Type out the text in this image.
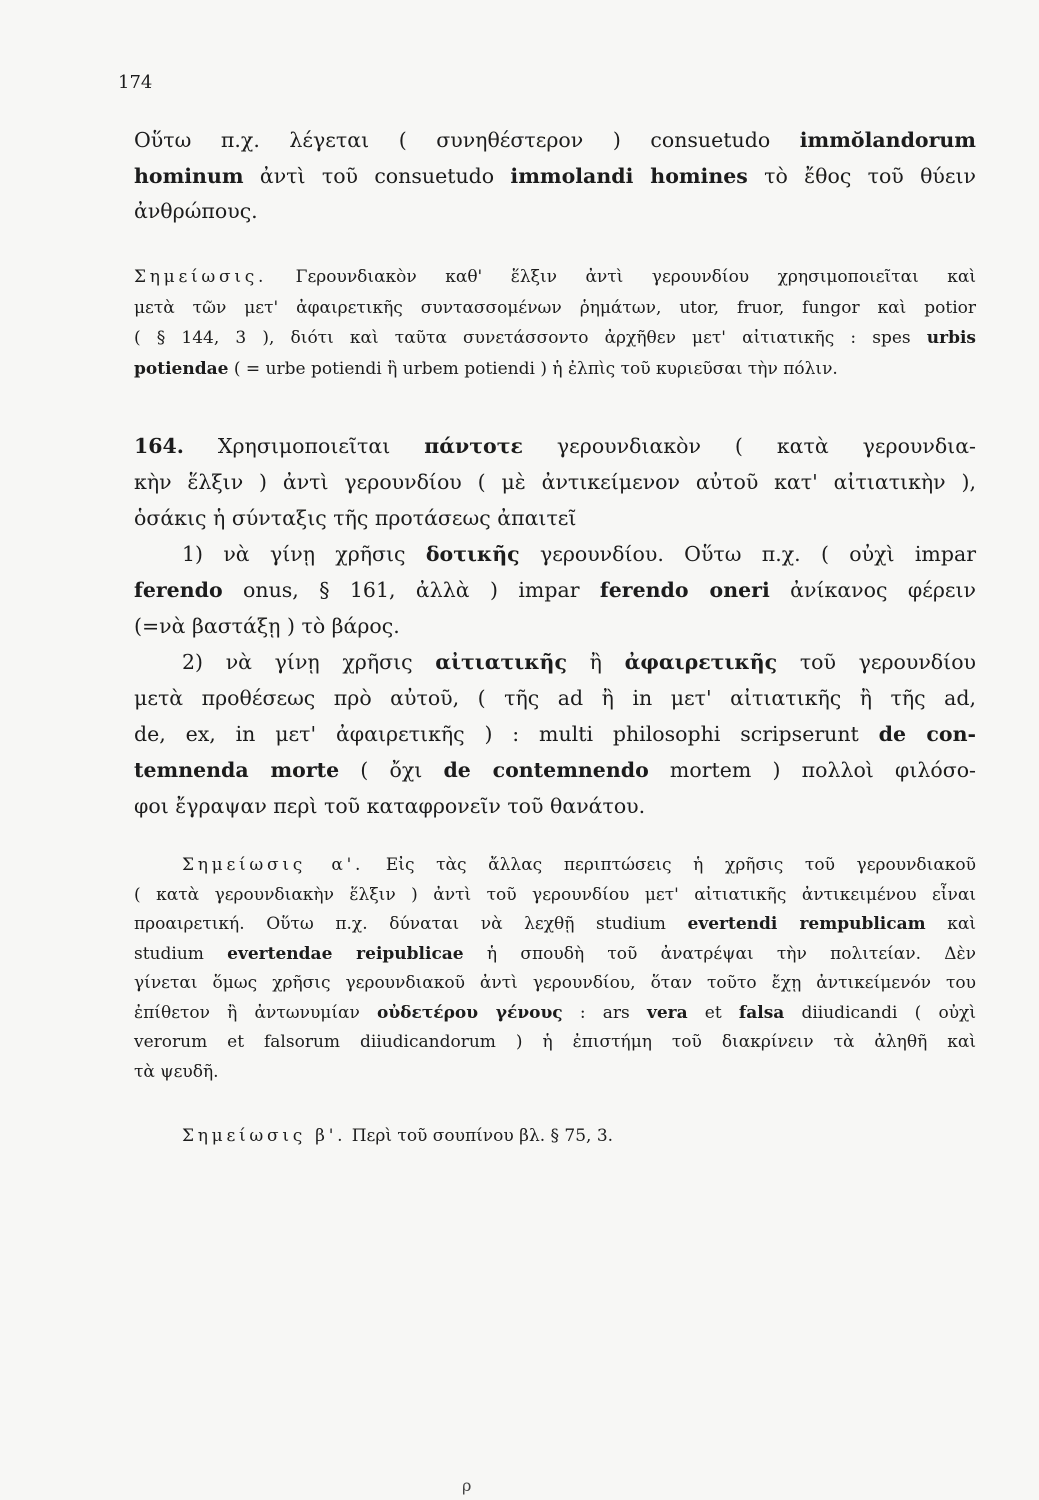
174
Οὕτω π.χ. λέγεται ( συνηθέστερον ) consuetudo immŏlandorum
hominum ἀντὶ τοῦ consuetudo immolandi homines τὸ ἔθος τοῦ θύειν
ἀνθρώπους.
Σημείωσις. Γερουνδιακὸν καθ' ἕλξιν ἀντὶ γερουνδίου χρησιμοποιεῖται καὶ
μετὰ τῶν μετ' ἀφαιρετικῆς συντασσομένων ῥημάτων, utor, fruor, fungor καὶ potior
( § 144, 3 ), διότι καὶ ταῦτα συνετάσσοντο ἀρχῆθεν μετ' αἰτιατικῆς : spes urbis
potiendae ( = urbe potiendi ἢ urbem potiendi ) ἡ ἐλπὶς τοῦ κυριεῦσαι τὴν πόλιν.
164. Χρησιμοποιεῖται πάντοτε γερουνδιακὸν ( κατὰ γερουνδια-
κὴν ἕλξιν ) ἀντὶ γερουνδίου ( μὲ ἀντικείμενον αὐτοῦ κατ' αἰτιατικὴν ),
ὁσάκις ἡ σύνταξις τῆς προτάσεως ἀπαιτεῖ
1) νὰ γίνῃ χρῆσις δοτικῆς γερουνδίου. Οὕτω π.χ. ( οὐχὶ impar
ferendo onus, § 161, ἀλλὰ ) impar ferendo oneri ἀνίκανος φέρειν
(=νὰ βαστάξῃ ) τὸ βάρος.
2) νὰ γίνῃ χρῆσις αἰτιατικῆς ἢ ἀφαιρετικῆς τοῦ γερουνδίου
μετὰ προθέσεως πρὸ αὐτοῦ, ( τῆς ad ἢ in μετ' αἰτιατικῆς ἢ τῆς ad,
de, ex, in μετ' ἀφαιρετικῆς ) : multi philosophi scripserunt de con-
temnenda morte ( ὄχι de contemnendo mortem ) πολλοὶ φιλόσο-
φοι ἔγραψαν περὶ τοῦ καταφρονεῖν τοῦ θανάτου.
Σημείωσις α'. Εἰς τὰς ἄλλας περιπτώσεις ἡ χρῆσις τοῦ γερουνδιακοῦ
( κατὰ γερουνδιακὴν ἕλξιν ) ἀντὶ τοῦ γερουνδίου μετ' αἰτιατικῆς ἀντικειμένου εἶναι
προαιρετική. Οὕτω π.χ. δύναται νὰ λεχθῇ studium evertendi rempublicam καὶ
studium evertendae reipublicae ἡ σπουδὴ τοῦ ἀνατρέψαι τὴν πολιτείαν. Δὲν
γίνεται ὅμως χρῆσις γερουνδιακοῦ ἀντὶ γερουνδίου, ὅταν τοῦτο ἔχῃ ἀντικείμενόν του
ἐπίθετον ἢ ἀντωνυμίαν οὐδετέρου γένους : ars vera et falsa diiudicandi ( οὐχὶ
verorum et falsorum diiudicandorum ) ἡ ἐπιστήμη τοῦ διακρίνειν τὰ ἀληθῆ καὶ
τὰ ψευδῆ.
Σημείωσις β'. Περὶ τοῦ σουπίνου βλ. § 75, 3.
ρ
